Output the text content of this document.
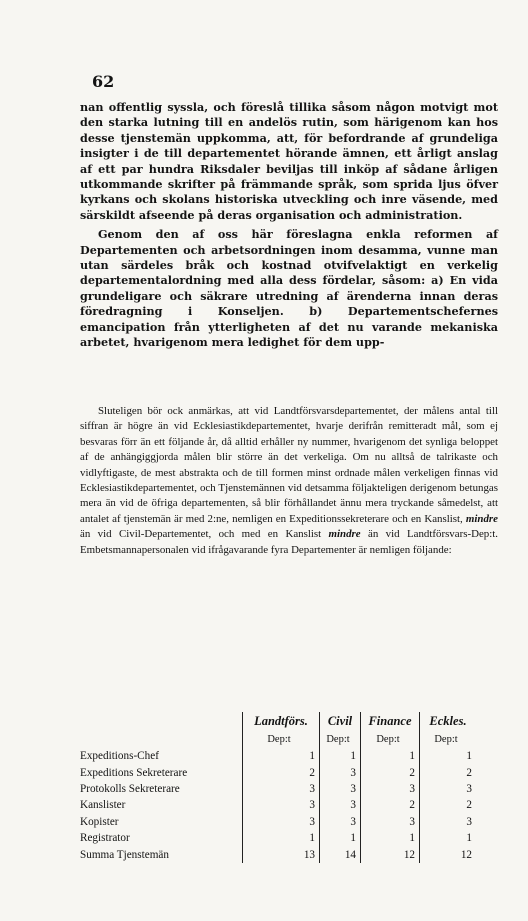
62

nan offentlig syssla, och föreslå tillika såsom någon motvigt mot den starka lutning till en andelös rutin, som härigenom kan hos desse tjenstemän uppkomma, att, för befordrande af grundeliga insigter i de till departementet hörande ämnen, ett årligt anslag af ett par hundra Riksdaler beviljas till inköp af sådane årligen utkommande skrifter på främmande språk, som sprida ljus öfver kyrkans och skolans historiska utveckling och inre väsende, med särskildt afseende på deras organisation och administration.

Genom den af oss här föreslagna enkla reformen af Departementen och arbetsordningen inom desamma, vunne man utan särdeles bråk och kostnad otvifvelaktigt en verkelig departementalordning med alla dess fördelar, såsom: a) En vida grundeligare och säkrare utredning af ärenderna innan deras föredragning i Konseljen. b) Departementschefernes emancipation från ytterligheten af det nu varande mekaniska arbetet, hvarigenom mera ledighet för dem upp-

Sluteligen bör ock anmärkas, att vid Landtförsvarsdepartementet, der målens antal till siffran är högre än vid Ecklesiastikdepartementet, hvarje derifrån remitteradt mål, som ej besvaras förr än ett följande år, då alltid erhåller ny nummer, hvarigenom det synliga beloppet af de anhängiggjorda målen blir större än det verkeliga. Om nu alltså de talrikaste och vidlyftigaste, de mest abstrakta och de till formen minst ordnade målen verkeligen finnas vid Ecklesiastikdepartementet, och Tjenstemännen vid detsamma följakteligen derigenom betungas mera än vid de öfriga departementen, så blir förhållandet ännu mera tryckande såmedelst, att antalet af tjenstemän är med 2:ne, nemligen en Expeditionssekreterare och en Kanslist, mindre än vid Civil-Departementet, och med en Kanslist mindre än vid Landtförsvars-Dep:t. Embetsmannapersonalen vid ifrågavarande fyra Departementer är nemligen följande:

	Landtförs.	Civil	Finance	Eckles.
	Dep:t	Dep:t	Dep:t	Dep:t
Expeditions-Chef	1	1	1	1
Expeditions Sekreterare	2	3	2	2
Protokolls Sekreterare	3	3	3	3
Kanslister	3	3	2	2
Kopister	3	3	3	3
Registrator	1	1	1	1
Summa Tjenstemän	13	14	12	12
